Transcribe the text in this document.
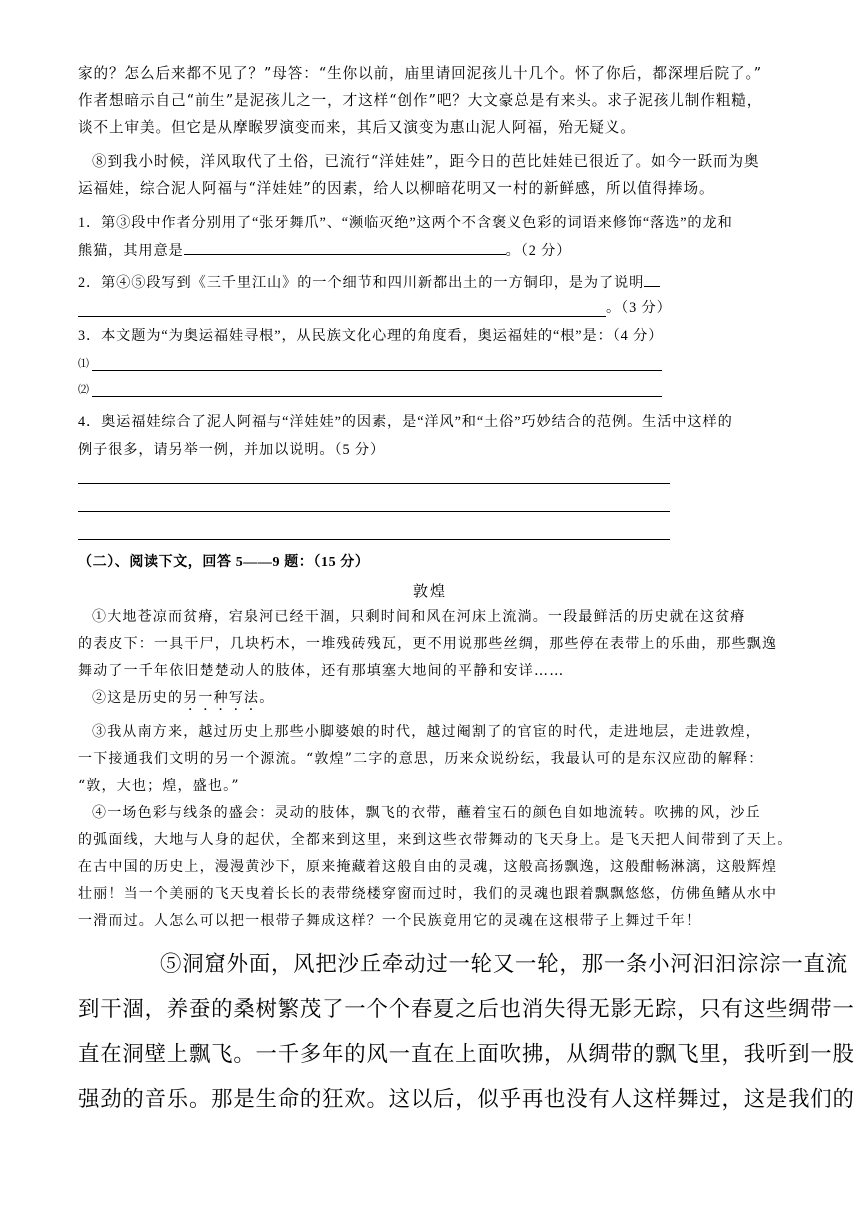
家的？怎么后来都不见了？”母答：“生你以前，庙里请回泥孩儿十几个。怀了你后，都深埋后院了。”
作者想暗示自己“前生”是泥孩儿之一，才这样“创作”吧？大文豪总是有来头。求子泥孩儿制作粗糙，
谈不上审美。但它是从摩睺罗演变而来，其后又演变为惠山泥人阿福，殆无疑义。
⑧到我小时候，洋风取代了土俗，已流行“洋娃娃”，距今日的芭比娃娃已很近了。如今一跃而为奥
运福娃，综合泥人阿福与“洋娃娃”的因素，给人以柳暗花明又一村的新鲜感，所以值得捧场。
1．第③段中作者分别用了“张牙舞爪”、“濒临灭绝”这两个不含褒义色彩的词语来修饰“落选”的龙和
熊猫，其用意是	。（2 分）
2．第④⑤段写到《三千里江山》的一个细节和四川新都出土的一方铜印，是为了说明
。（3 分）
3．本文题为“为奥运福娃寻根”，从民族文化心理的角度看，奥运福娃的“根”是：（4 分）
⑴
⑵
4．奥运福娃综合了泥人阿福与“洋娃娃”的因素，是“洋风”和“土俗”巧妙结合的范例。生活中这样的
例子很多，请另举一例，并加以说明。（5 分）
（二）、阅读下文，回答 5——9 题：（15 分）
敦煌
①大地苍凉而贫瘠，宕泉河已经干涸，只剩时间和风在河床上流淌。一段最鲜活的历史就在这贫瘠
的表皮下：一具干尸，几块朽木，一堆残砖残瓦，更不用说那些丝绸，那些停在表带上的乐曲，那些飘逸
舞动了一千年依旧楚楚动人的肢体，还有那填塞大地间的平静和安详……
②这是历史的另一种写法。
③我从南方来，越过历史上那些小脚婆娘的时代，越过阉割了的官宦的时代，走进地层，走进敦煌，
一下接通我们文明的另一个源流。“敦煌”二字的意思，历来众说纷纭，我最认可的是东汉应劭的解释：
“敦，大也；煌，盛也。”
④一场色彩与线条的盛会：灵动的肢体，飘飞的衣带，蘸着宝石的颜色自如地流转。吹拂的风，沙丘
的弧面线，大地与人身的起伏，全都来到这里，来到这些衣带舞动的飞天身上。是飞天把人间带到了天上。
在古中国的历史上，漫漫黄沙下，原来掩藏着这般自由的灵魂，这般高扬飘逸，这般酣畅淋漓，这般辉煌
壮丽！当一个美丽的飞天曳着长长的表带绕楼穿窗而过时，我们的灵魂也跟着飘飘悠悠，仿佛鱼鳍从水中
一滑而过。人怎么可以把一根带子舞成这样？一个民族竟用它的灵魂在这根带子上舞过千年！
⑤洞窟外面，风把沙丘牵动过一轮又一轮，那一条小河汩汩淙淙一直流
到干涸，养蚕的桑树繁茂了一个个春夏之后也消失得无影无踪，只有这些绸带一
直在洞壁上飘飞。一千多年的风一直在上面吹拂，从绸带的飘飞里，我听到一股
强劲的音乐。那是生命的狂欢。这以后，似乎再也没有人这样舞过，这是我们的
